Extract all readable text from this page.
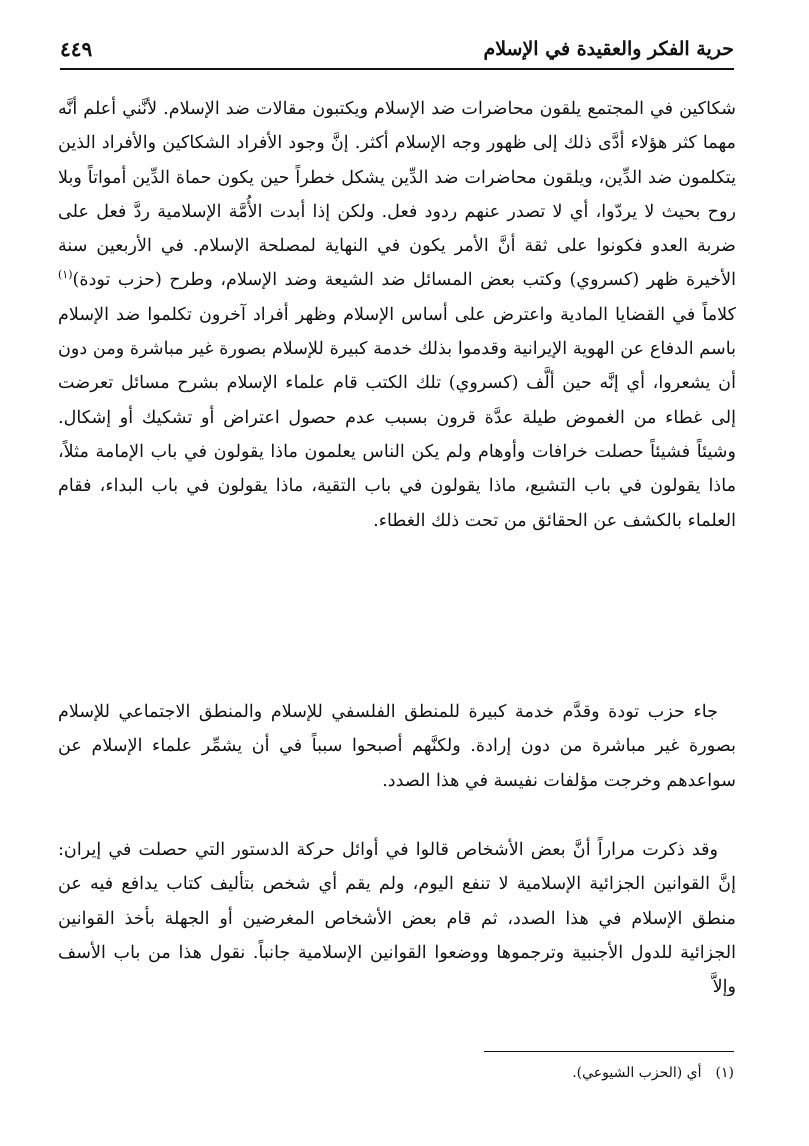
٤٤٩	حرية الفكر والعقيدة في الإسلام

شكاكين في المجتمع يلقون محاضرات ضد الإسلام ويكتبون مقالات ضد الإسلام. لأنَّني أعلم أنَّه مهما كثر هؤلاء أدَّى ذلك إلى ظهور وجه الإسلام أكثر. إنَّ وجود الأفراد الشكاكين والأفراد الذين يتكلمون ضد الدِّين، ويلقون محاضرات ضد الدِّين يشكل خطراً حين يكون حماة الدِّين أمواتاً وبلا روح بحيث لا يردّوا، أي لا تصدر عنهم ردود فعل. ولكن إذا أبدت الأُمَّة الإسلامية ردَّ فعل على ضربة العدو فكونوا على ثقة أنَّ الأمر يكون في النهاية لمصلحة الإسلام. في الأربعين سنة الأخيرة ظهر (كسروي) وكتب بعض المسائل ضد الشيعة وضد الإسلام، وطرح (حزب تودة)$^{(١)}$ كلاماً في القضايا المادية واعترض على أساس الإسلام وظهر أفراد آخرون تكلموا ضد الإسلام باسم الدفاع عن الهوية الإيرانية وقدموا بذلك خدمة كبيرة للإسلام بصورة غير مباشرة ومن دون أن يشعروا، أي إنَّه حين ألَّف (كسروي) تلك الكتب قام علماء الإسلام بشرح مسائل تعرضت إلى غطاء من الغموض طيلة عدَّة قرون بسبب عدم حصول اعتراض أو تشكيك أو إشكال. وشيئاً فشيئاً حصلت خرافات وأوهام ولم يكن الناس يعلمون ماذا يقولون في باب الإمامة مثلاً، ماذا يقولون في باب التشيع، ماذا يقولون في باب التقية، ماذا يقولون في باب البداء، فقام العلماء بالكشف عن الحقائق من تحت ذلك الغطاء.

جاء حزب تودة وقدَّم خدمة كبيرة للمنطق الفلسفي للإسلام والمنطق الاجتماعي للإسلام بصورة غير مباشرة من دون إرادة. ولكنَّهم أصبحوا سبباً في أن يشمِّر علماء الإسلام عن سواعدهم وخرجت مؤلفات نفيسة في هذا الصدد.

وقد ذكرت مراراً أنَّ بعض الأشخاص قالوا في أوائل حركة الدستور التي حصلت في إيران: إنَّ القوانين الجزائية الإسلامية لا تنفع اليوم، ولم يقم أي شخص بتأليف كتاب يدافع فيه عن منطق الإسلام في هذا الصدد، ثم قام بعض الأشخاص المغرضين أو الجهلة بأخذ القوانين الجزائية للدول الأجنبية وترجموها ووضعوا القوانين الإسلامية جانباً. نقول هذا من باب الأسف وإلاَّ

(١)أي (الحزب الشيوعي).
